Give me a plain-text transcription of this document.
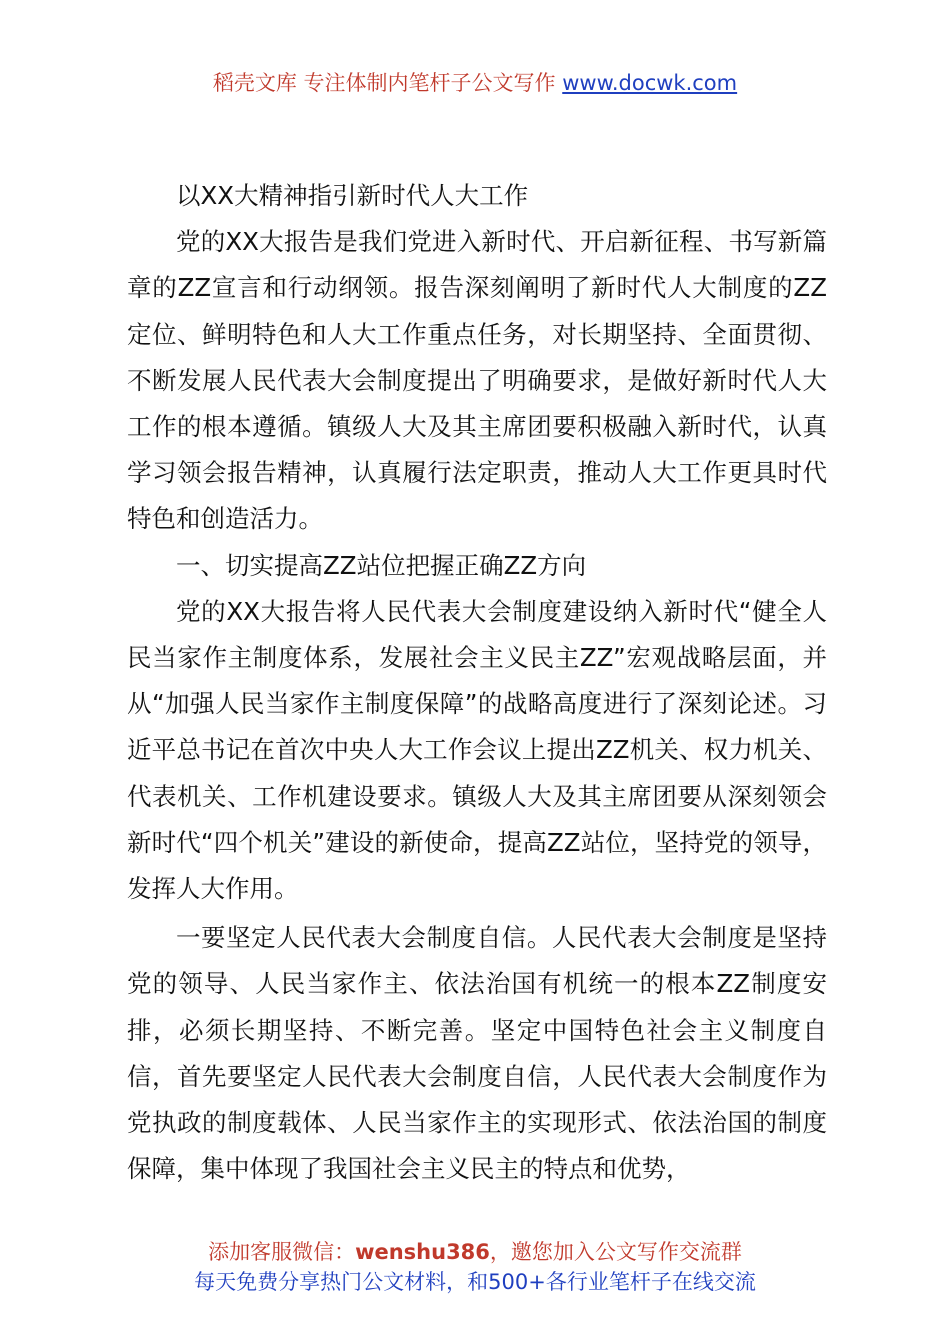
稻壳文库 专注体制内笔杆子公文写作 www.docwk.com

以XX大精神指引新时代人大工作

党的XX大报告是我们党进入新时代、开启新征程、书写新篇章的ZZ宣言和行动纲领。报告深刻阐明了新时代人大制度的ZZ定位、鲜明特色和人大工作重点任务，对长期坚持、全面贯彻、不断发展人民代表大会制度提出了明确要求，是做好新时代人大工作的根本遵循。镇级人大及其主席团要积极融入新时代，认真学习领会报告精神，认真履行法定职责，推动人大工作更具时代特色和创造活力。

一、切实提高ZZ站位把握正确ZZ方向

党的XX大报告将人民代表大会制度建设纳入新时代“健全人民当家作主制度体系，发展社会主义民主ZZ”宏观战略层面，并从“加强人民当家作主制度保障”的战略高度进行了深刻论述。习近平总书记在首次中央人大工作会议上提出ZZ机关、权力机关、代表机关、工作机建设要求。镇级人大及其主席团要从深刻领会新时代“四个机关”建设的新使命，提高ZZ站位，坚持党的领导，发挥人大作用。

一要坚定人民代表大会制度自信。人民代表大会制度是坚持党的领导、人民当家作主、依法治国有机统一的根本ZZ制度安排，必须长期坚持、不断完善。坚定中国特色社会主义制度自信，首先要坚定人民代表大会制度自信，人民代表大会制度作为党执政的制度载体、人民当家作主的实现形式、依法治国的制度保障，集中体现了我国社会主义民主的特点和优势，

添加客服微信：wenshu386，邀您加入公文写作交流群
每天免费分享热门公文材料，和500+各行业笔杆子在线交流
